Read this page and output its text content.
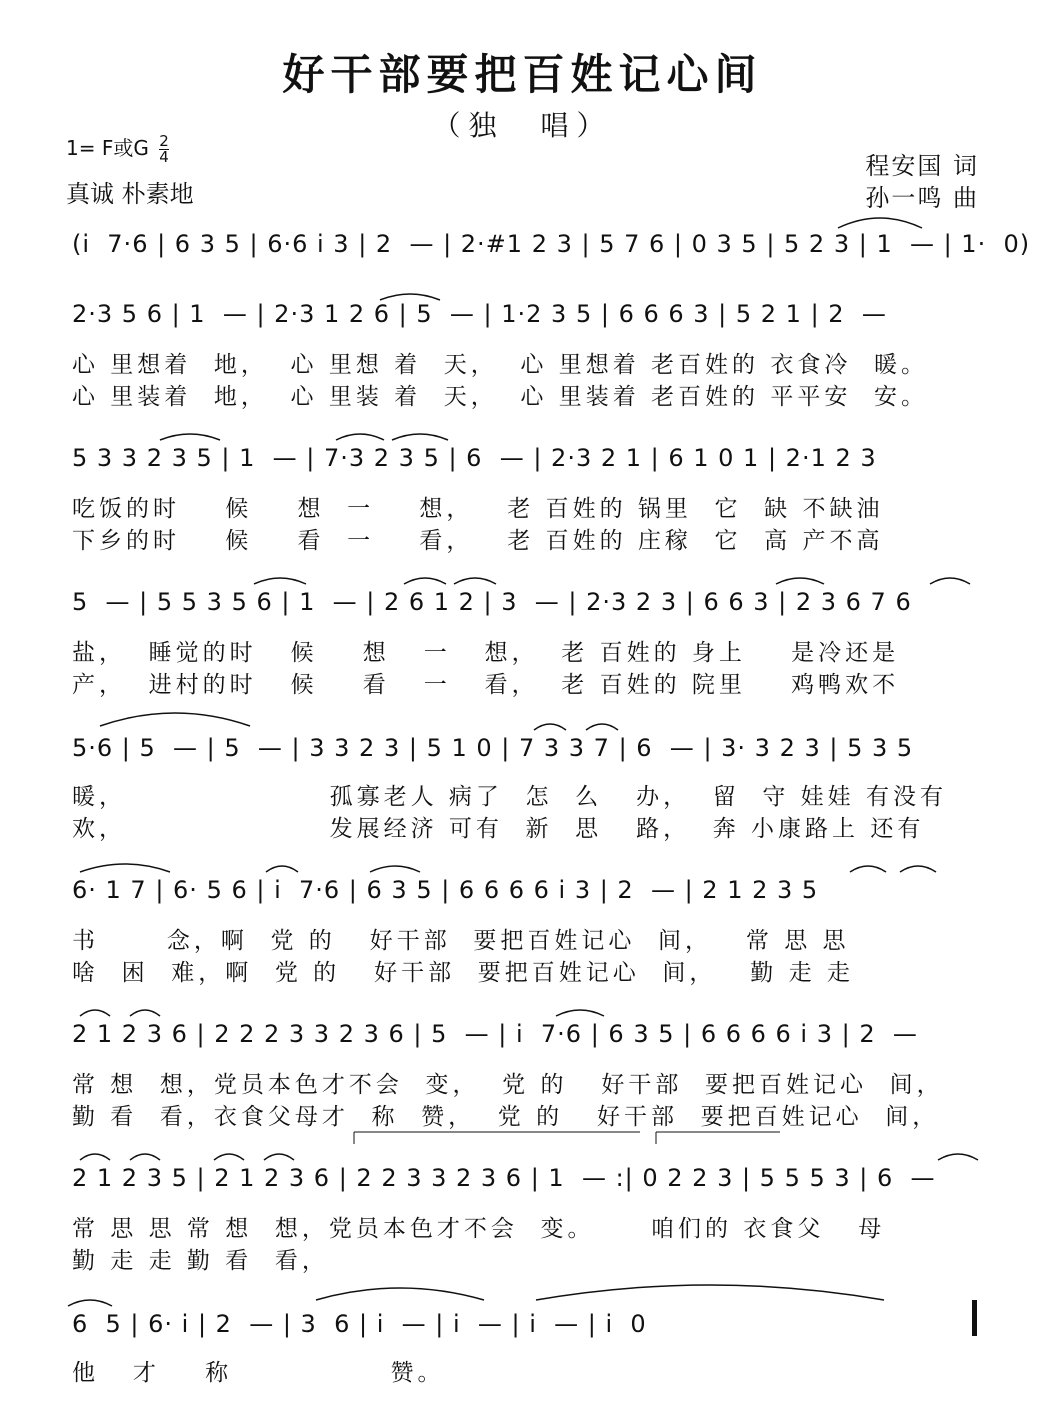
好干部要把百姓记心间
（独　唱）
1= F或G $\frac{2}{4}$
真诚 朴素地
程安国 词
孙一鸣 曲
(i  7·6 | 6 3 5 | 6·6 i 3 | 2  — | 2·#1 2 3 | 5 7 6 | 0 3 5 | 5 2 3 | 1  — | 1·  0)
2·3 5 6 | 1  — | 2·3 1 2 6 | 5  — | 1·2 3 5 | 6 6 6 3 | 5 2 1 | 2  —
心 里想着  地，  心 里想 着  天，  心 里想着 老百姓的 衣食冷  暖。
心 里装着  地，  心 里装 着  天，  心 里装着 老百姓的 平平安  安。
5 3 3 2 3 5 | 1  — | 7·3 2 3 5 | 6  — | 2·3 2 1 | 6 1 0 1 | 2·1 2 3
吃饭的时    候    想  一    想，   老 百姓的 锅里  它  缺 不缺油
下乡的时    候    看  一    看，   老 百姓的 庄稼  它  高 产不高
5  — | 5 5 3 5 6 | 1  — | 2 6 1 2 | 3  — | 2·3 2 3 | 6 6 3 | 2 3 6 7 6
盐，  睡觉的时   候    想   一   想，  老 百姓的 身上    是冷还是
产，  进村的时   候    看   一   看，  老 百姓的 院里    鸡鸭欢不
5·6 | 5  — | 5  — | 3 3 2 3 | 5 1 0 | 7 3 3 7 | 6  — | 3· 3 2 3 | 5 3 5
暖，                  孤寡老人 病了  怎  么   办，  留  守 娃娃 有没有
欢，                  发展经济 可有  新  思   路，  奔 小康路上 还有
6· 1 7 | 6· 5 6 | i  7·6 | 6 3 5 | 6 6 6 6 i 3 | 2  — | 2 1 2 3 5
书      念，啊  党 的   好干部  要把百姓记心  间，   常 思 思
啥  困  难，啊  党 的   好干部  要把百姓记心  间，   勤 走 走
2 1 2 3 6 | 2 2 2 3 3 2 3 6 | 5  — | i  7·6 | 6 3 5 | 6 6 6 6 i 3 | 2  —
常 想  想，党员本色才不会  变，  党 的   好干部  要把百姓记心  间，
勤 看  看，衣食父母才  称  赞，  党 的   好干部  要把百姓记心  间，
2 1 2 3 5 | 2 1 2 3 6 | 2 2 3 3 2 3 6 | 1  — :| 0 2 2 3 | 5 5 5 3 | 6  —
常 思 思 常 想  想，党员本色才不会  变。     咱们的 衣食父   母
勤 走 走 勤 看  看，
6  5 | 6· i | 2  — | 3  6 | i  — | i  — | i  — | i  0
他   才    称              赞。
